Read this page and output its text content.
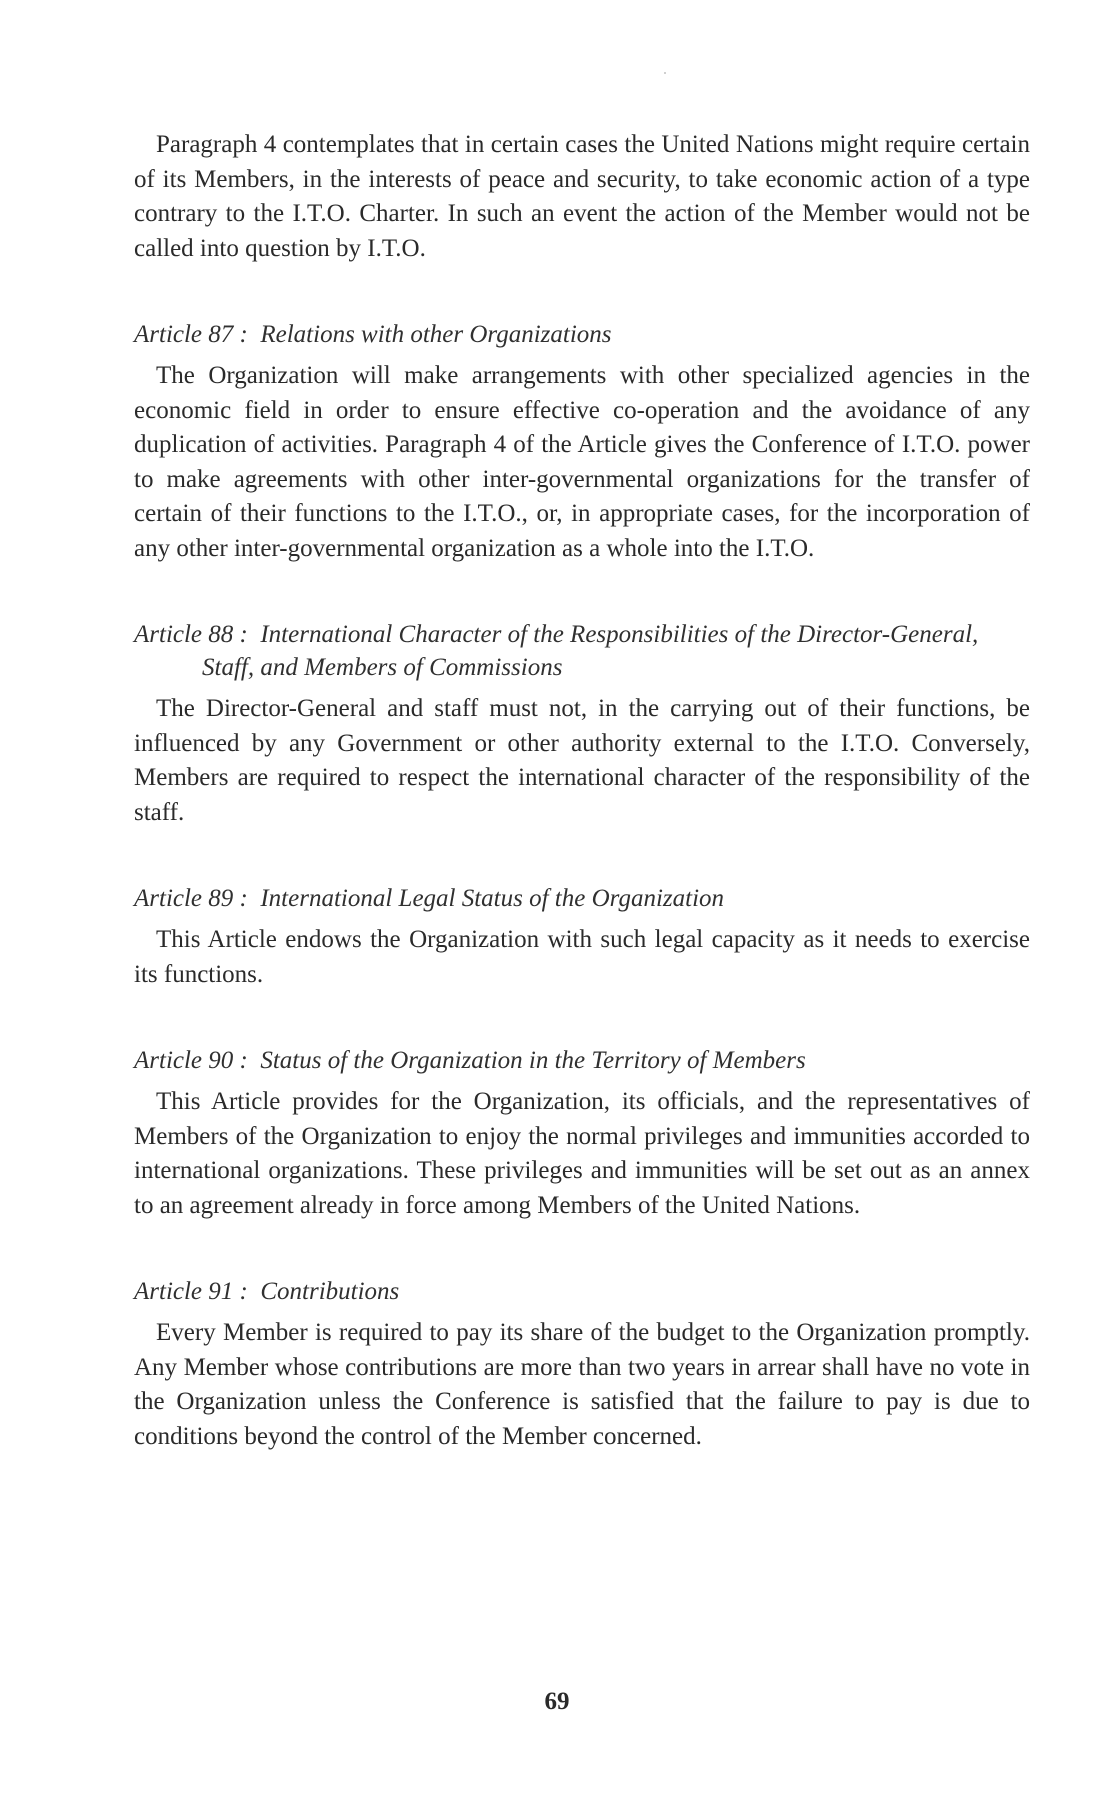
Paragraph 4 contemplates that in certain cases the United Nations might require certain of its Members, in the interests of peace and security, to take economic action of a type contrary to the I.T.O. Charter. In such an event the action of the Member would not be called into question by I.T.O.

Article 87 : Relations with other Organizations

The Organization will make arrangements with other specialized agencies in the economic field in order to ensure effective co-operation and the avoidance of any duplication of activities. Paragraph 4 of the Article gives the Conference of I.T.O. power to make agreements with other inter-governmental organizations for the transfer of certain of their functions to the I.T.O., or, in appropriate cases, for the incorporation of any other inter-governmental organization as a whole into the I.T.O.

Article 88 : International Character of the Responsibilities of the Director-General, Staff, and Members of Commissions

The Director-General and staff must not, in the carrying out of their functions, be influenced by any Government or other authority external to the I.T.O. Conversely, Members are required to respect the international character of the responsibility of the staff.

Article 89 : International Legal Status of the Organization

This Article endows the Organization with such legal capacity as it needs to exercise its functions.

Article 90 : Status of the Organization in the Territory of Members

This Article provides for the Organization, its officials, and the representatives of Members of the Organization to enjoy the normal privileges and immunities accorded to international organizations. These privileges and immunities will be set out as an annex to an agreement already in force among Members of the United Nations.

Article 91 : Contributions

Every Member is required to pay its share of the budget to the Organization promptly. Any Member whose contributions are more than two years in arrear shall have no vote in the Organization unless the Conference is satisfied that the failure to pay is due to conditions beyond the control of the Member concerned.

69
